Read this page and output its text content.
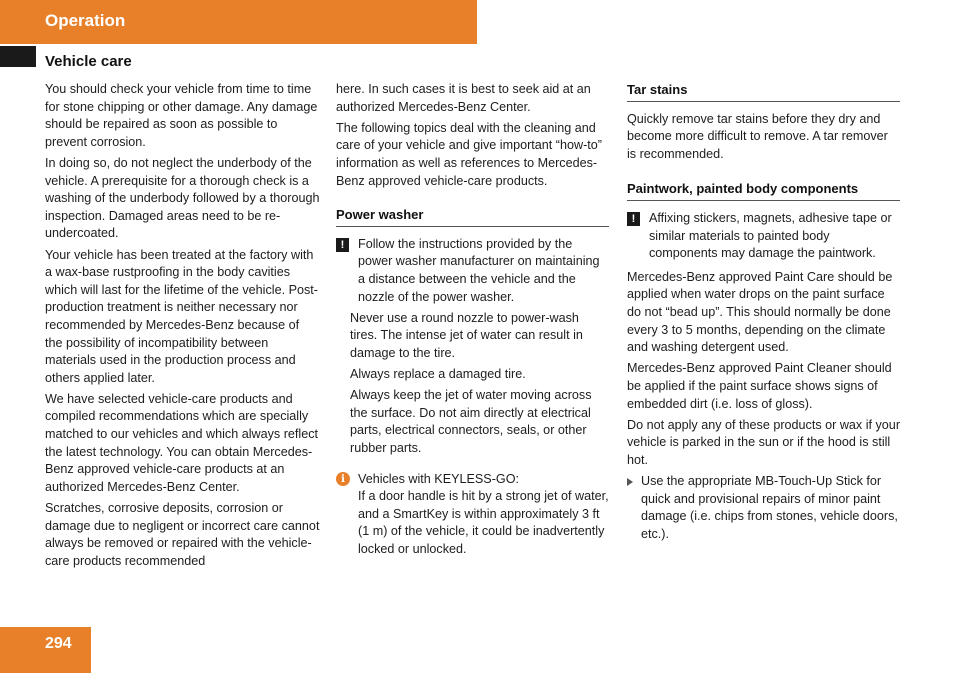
Operation
Vehicle care

You should check your vehicle from time to time for stone chipping or other damage. Any damage should be repaired as soon as possible to prevent corrosion.

In doing so, do not neglect the underbody of the vehicle. A prerequisite for a thorough check is a washing of the underbody followed by a thorough inspection. Damaged areas need to be re-undercoated.

Your vehicle has been treated at the factory with a wax-base rustproofing in the body cavities which will last for the lifetime of the vehicle. Post-production treatment is neither necessary nor recommended by Mercedes-Benz because of the possibility of incompatibility between materials used in the production process and others applied later.

We have selected vehicle-care products and compiled recommendations which are specially matched to our vehicles and which always reflect the latest technology. You can obtain Mercedes-Benz approved vehicle-care products at an authorized Mercedes-Benz Center.

Scratches, corrosive deposits, corrosion or damage due to negligent or incorrect care cannot always be removed or repaired with the vehicle-care products recommended

here. In such cases it is best to seek aid at an authorized Mercedes-Benz Center.

The following topics deal with the cleaning and care of your vehicle and give important “how-to” information as well as references to Mercedes-Benz approved vehicle-care products.

Power washer
!	Follow the instructions provided by the power washer manufacturer on maintaining a distance between the vehicle and the nozzle of the power washer.

Never use a round nozzle to power-wash tires. The intense jet of water can result in damage to the tire.

Always replace a damaged tire.

Always keep the jet of water moving across the surface. Do not aim directly at electrical parts, electrical connectors, seals, or other rubber parts.

i	Vehicles with KEYLESS-GO:
If a door handle is hit by a strong jet of water, and a SmartKey is within approximately 3 ft (1 m) of the vehicle, it could be inadvertently locked or unlocked.
Tar stains

Quickly remove tar stains before they dry and become more difficult to remove. A tar remover is recommended.

Paintwork, painted body components
!	Affixing stickers, magnets, adhesive tape or similar materials to painted body components may damage the paintwork.

Mercedes-Benz approved Paint Care should be applied when water drops on the paint surface do not “bead up”. This should normally be done every 3 to 5 months, depending on the climate and washing detergent used.

Mercedes-Benz approved Paint Cleaner should be applied if the paint surface shows signs of embedded dirt (i.e. loss of gloss).

Do not apply any of these products or wax if your vehicle is parked in the sun or if the hood is still hot.

Use the appropriate MB-Touch-Up Stick for quick and provisional repairs of minor paint damage (i.e. chips from stones, vehicle doors, etc.).

294
